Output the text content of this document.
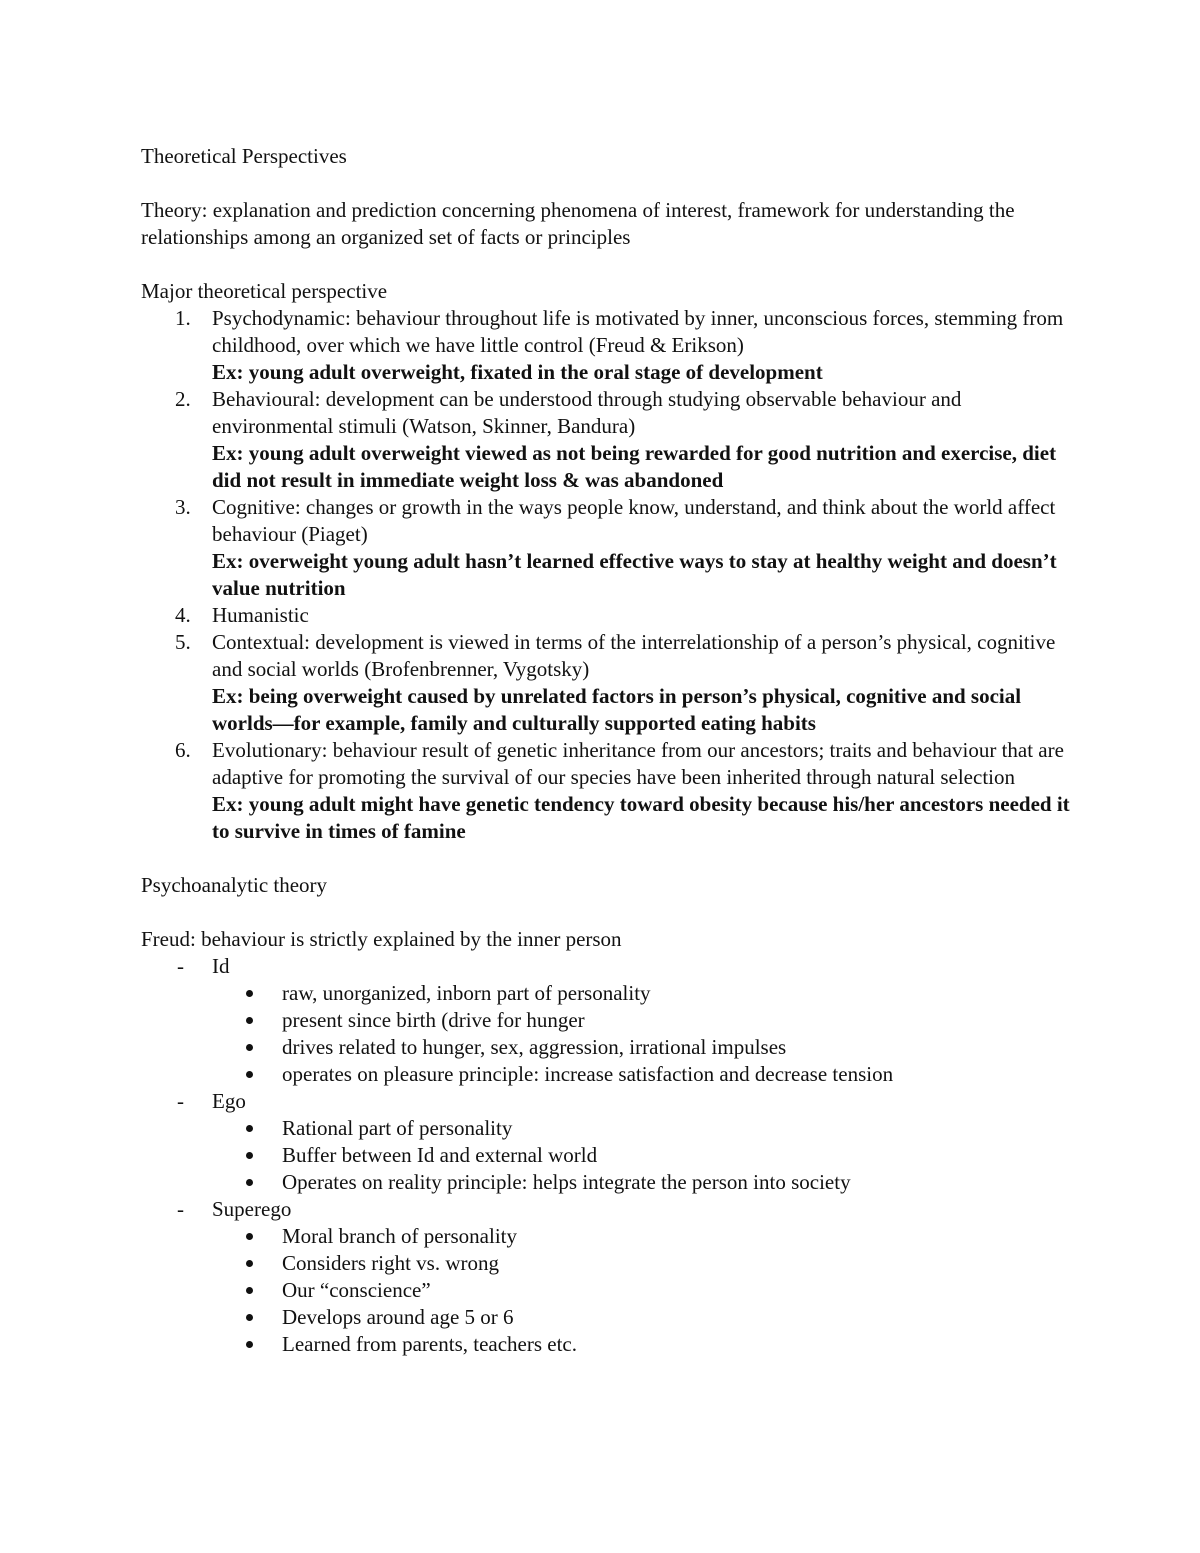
Theoretical Perspectives

Theory: explanation and prediction concerning phenomena of interest, framework for understanding the relationships among an organized set of facts or principles

Major theoretical perspective

1. Psychodynamic: behaviour throughout life is motivated by inner, unconscious forces, stemming from childhood, over which we have little control (Freud & Erikson)
Ex: young adult overweight, fixated in the oral stage of development
2. Behavioural: development can be understood through studying observable behaviour and environmental stimuli (Watson, Skinner, Bandura)
Ex: young adult overweight viewed as not being rewarded for good nutrition and exercise, diet did not result in immediate weight loss & was abandoned
3. Cognitive: changes or growth in the ways people know, understand, and think about the world affect behaviour (Piaget)
Ex: overweight young adult hasn’t learned effective ways to stay at healthy weight and doesn’t value nutrition
4. Humanistic
5. Contextual: development is viewed in terms of the interrelationship of a person’s physical, cognitive and social worlds (Brofenbrenner, Vygotsky)
Ex: being overweight caused by unrelated factors in person’s physical, cognitive and social worlds—for example, family and culturally supported eating habits
6. Evolutionary: behaviour result of genetic inheritance from our ancestors; traits and behaviour that are adaptive for promoting the survival of our species have been inherited through natural selection
Ex: young adult might have genetic tendency toward obesity because his/her ancestors needed it to survive in times of famine

Psychoanalytic theory

Freud: behaviour is strictly explained by the inner person

- Id
raw, unorganized, inborn part of personality
present since birth (drive for hunger
drives related to hunger, sex, aggression, irrational impulses
operates on pleasure principle: increase satisfaction and decrease tension
- Ego
Rational part of personality
Buffer between Id and external world
Operates on reality principle: helps integrate the person into society
- Superego
Moral branch of personality
Considers right vs. wrong
Our “conscience”
Develops around age 5 or 6
Learned from parents, teachers etc.
